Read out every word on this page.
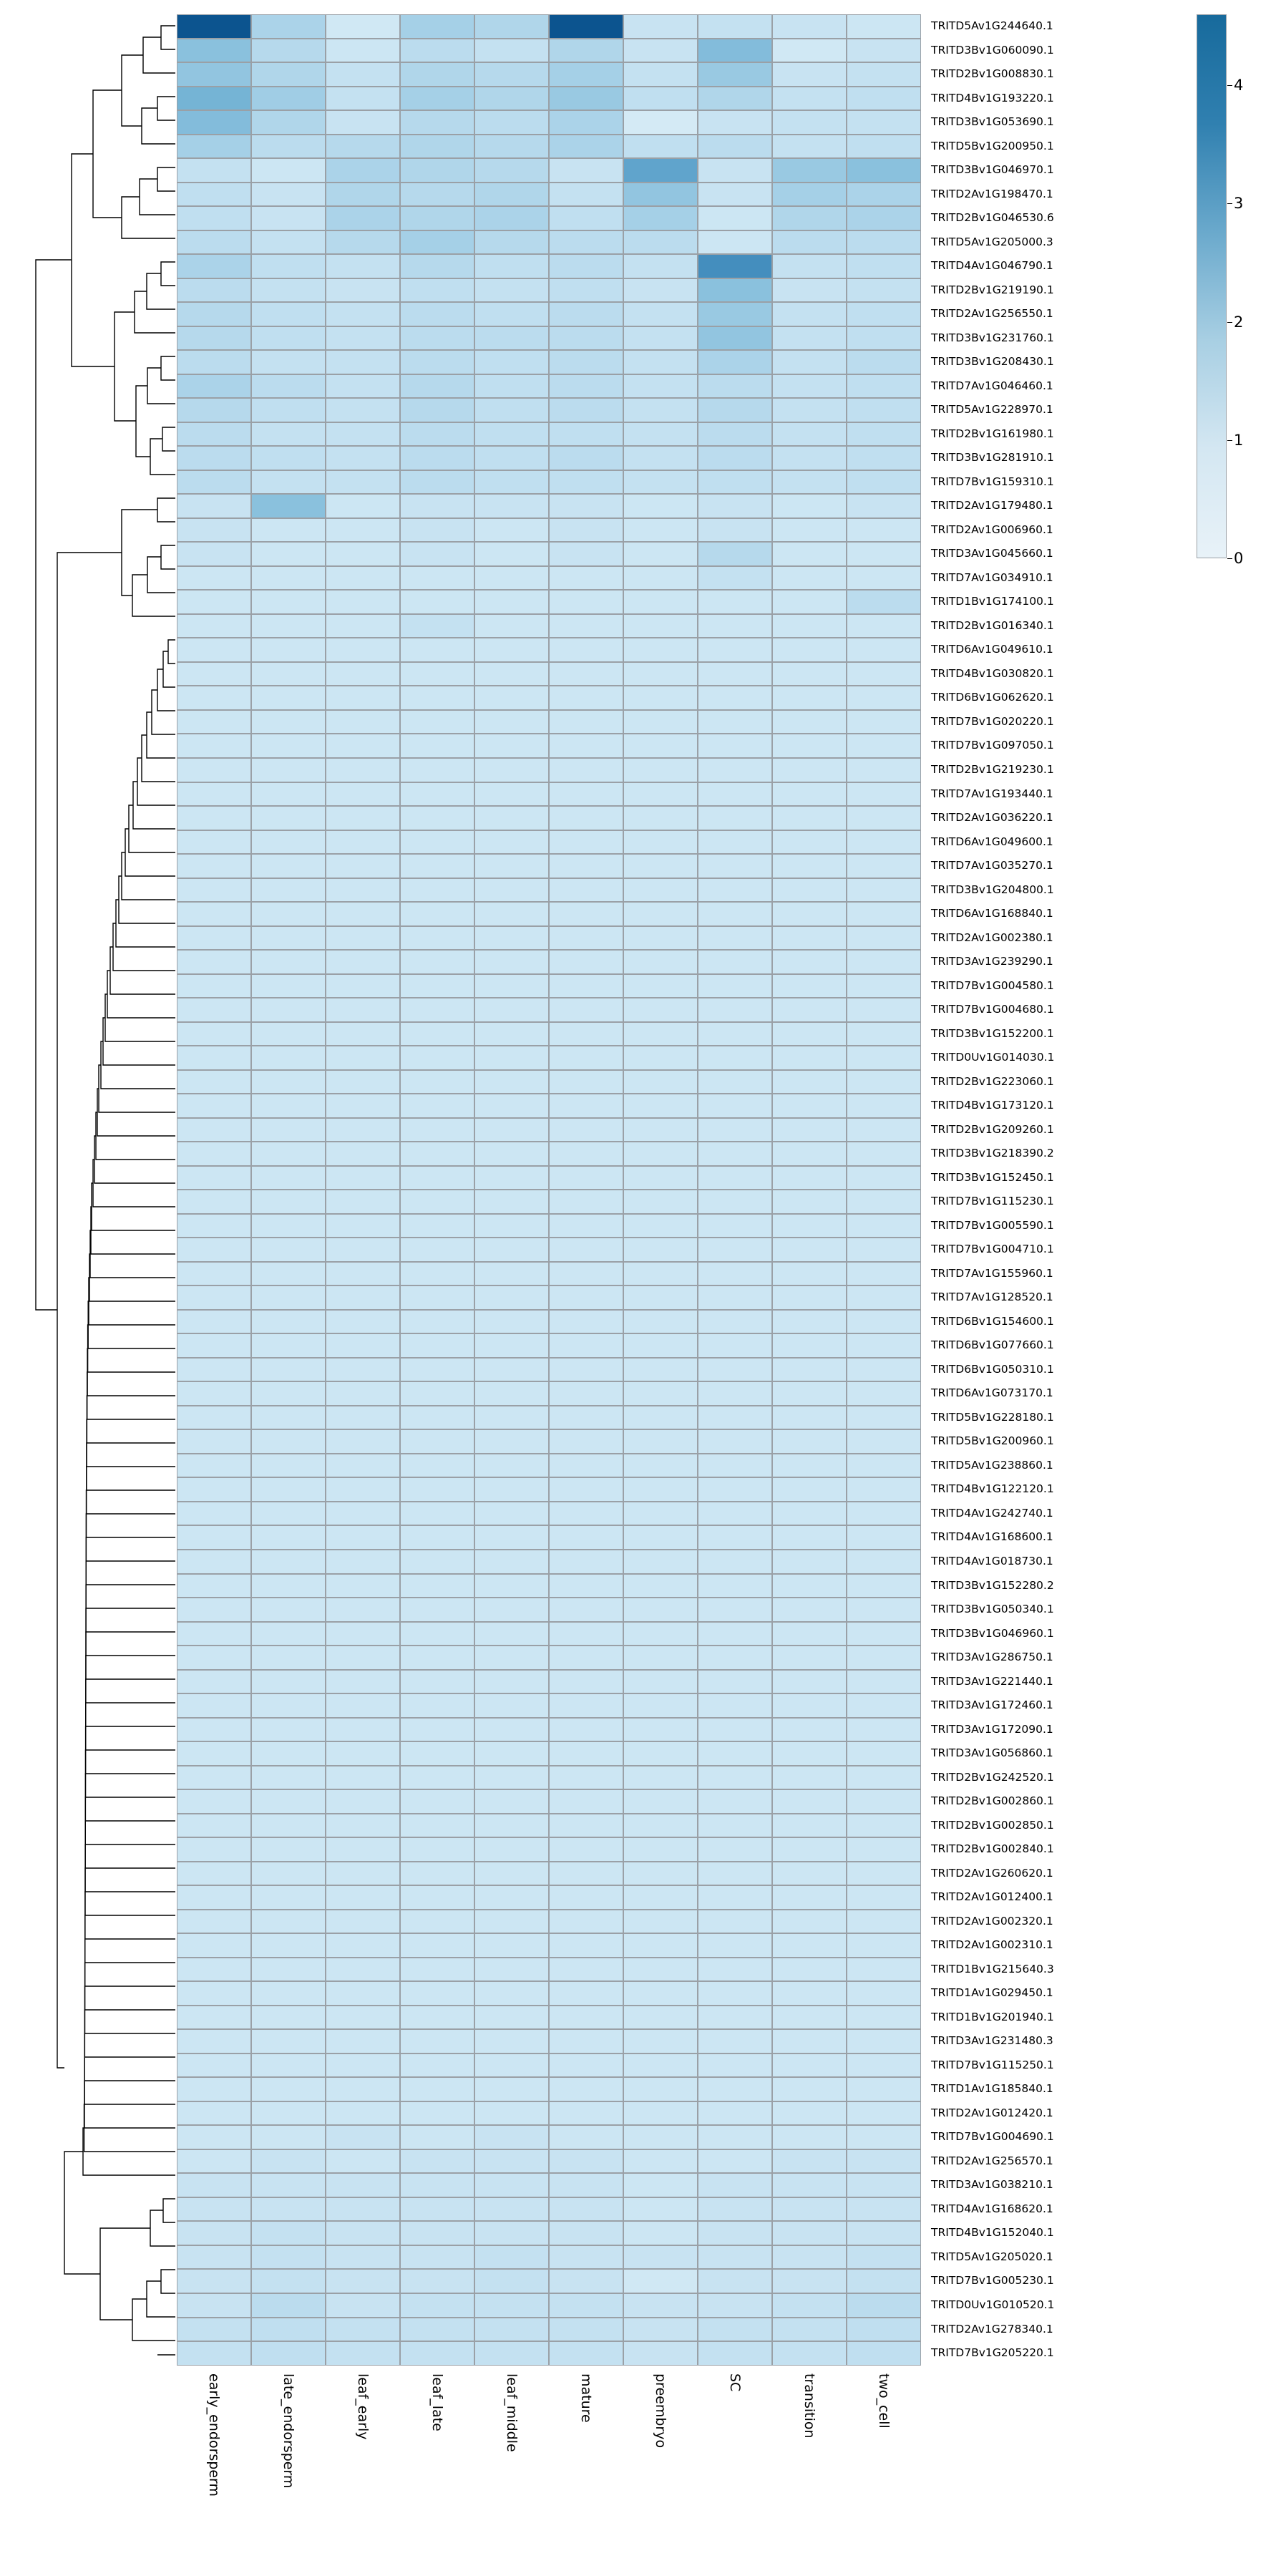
TRITD5Av1G244640.1
TRITD3Bv1G060090.1
TRITD2Bv1G008830.1
TRITD4Bv1G193220.1
TRITD3Bv1G053690.1
TRITD5Bv1G200950.1
TRITD3Bv1G046970.1
TRITD2Av1G198470.1
TRITD2Bv1G046530.6
TRITD5Av1G205000.3
TRITD4Av1G046790.1
TRITD2Bv1G219190.1
TRITD2Av1G256550.1
TRITD3Bv1G231760.1
TRITD3Bv1G208430.1
TRITD7Av1G046460.1
TRITD5Av1G228970.1
TRITD2Bv1G161980.1
TRITD3Bv1G281910.1
TRITD7Bv1G159310.1
TRITD2Av1G179480.1
TRITD2Av1G006960.1
TRITD3Av1G045660.1
TRITD7Av1G034910.1
TRITD1Bv1G174100.1
TRITD2Bv1G016340.1
TRITD6Av1G049610.1
TRITD4Bv1G030820.1
TRITD6Bv1G062620.1
TRITD7Bv1G020220.1
TRITD7Bv1G097050.1
TRITD2Bv1G219230.1
TRITD7Av1G193440.1
TRITD2Av1G036220.1
TRITD6Av1G049600.1
TRITD7Av1G035270.1
TRITD3Bv1G204800.1
TRITD6Av1G168840.1
TRITD2Av1G002380.1
TRITD3Av1G239290.1
TRITD7Bv1G004580.1
TRITD7Bv1G004680.1
TRITD3Bv1G152200.1
TRITD0Uv1G014030.1
TRITD2Bv1G223060.1
TRITD4Bv1G173120.1
TRITD2Bv1G209260.1
TRITD3Bv1G218390.2
TRITD3Bv1G152450.1
TRITD7Bv1G115230.1
TRITD7Bv1G005590.1
TRITD7Bv1G004710.1
TRITD7Av1G155960.1
TRITD7Av1G128520.1
TRITD6Bv1G154600.1
TRITD6Bv1G077660.1
TRITD6Bv1G050310.1
TRITD6Av1G073170.1
TRITD5Bv1G228180.1
TRITD5Bv1G200960.1
TRITD5Av1G238860.1
TRITD4Bv1G122120.1
TRITD4Av1G242740.1
TRITD4Av1G168600.1
TRITD4Av1G018730.1
TRITD3Bv1G152280.2
TRITD3Bv1G050340.1
TRITD3Bv1G046960.1
TRITD3Av1G286750.1
TRITD3Av1G221440.1
TRITD3Av1G172460.1
TRITD3Av1G172090.1
TRITD3Av1G056860.1
TRITD2Bv1G242520.1
TRITD2Bv1G002860.1
TRITD2Bv1G002850.1
TRITD2Bv1G002840.1
TRITD2Av1G260620.1
TRITD2Av1G012400.1
TRITD2Av1G002320.1
TRITD2Av1G002310.1
TRITD1Bv1G215640.3
TRITD1Av1G029450.1
TRITD1Bv1G201940.1
TRITD3Av1G231480.3
TRITD7Bv1G115250.1
TRITD1Av1G185840.1
TRITD2Av1G012420.1
TRITD7Bv1G004690.1
TRITD2Av1G256570.1
TRITD3Av1G038210.1
TRITD4Av1G168620.1
TRITD4Bv1G152040.1
TRITD5Av1G205020.1
TRITD7Bv1G005230.1
TRITD0Uv1G010520.1
TRITD2Av1G278340.1
TRITD7Bv1G205220.1
early_endorsperm	late_endorsperm	leaf_early	leaf_late	leaf_middle	mature	preembryo	SC	transition	two_cell
0
1
2
3
4
